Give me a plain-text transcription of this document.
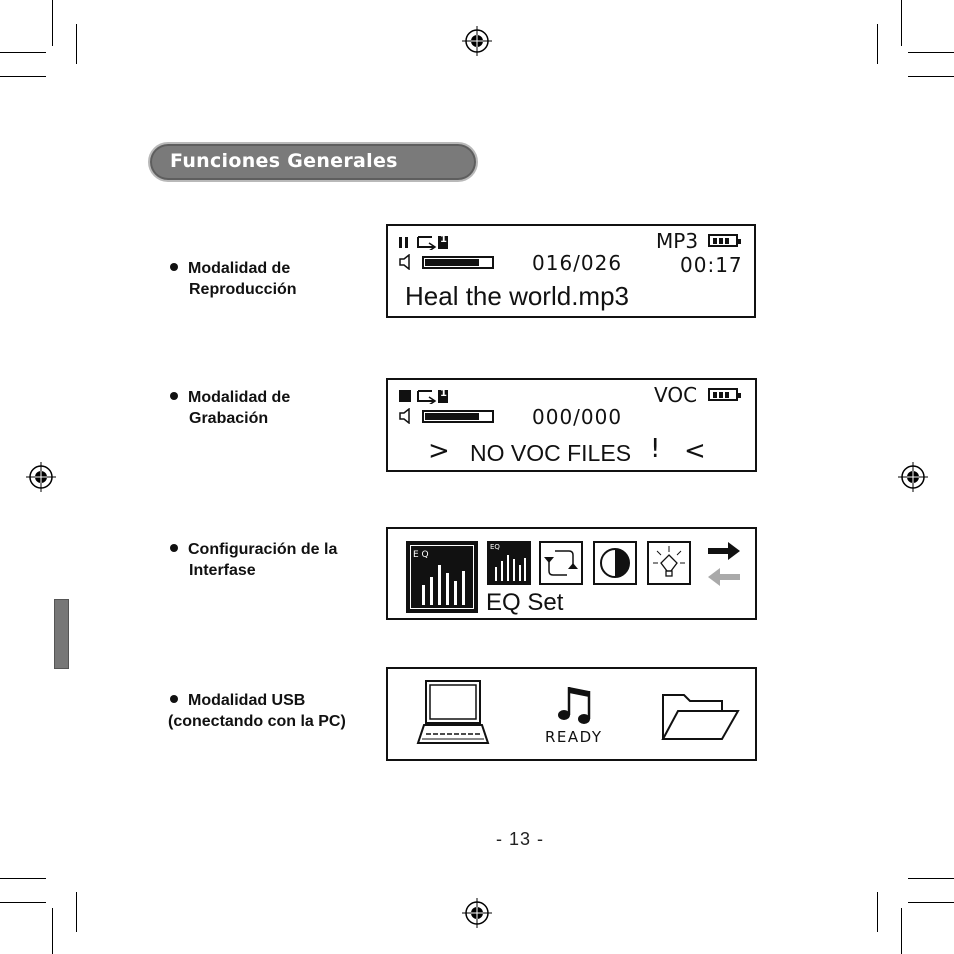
Funciones Generales
Modalidad de
Reproducción
Modalidad de
Grabación
Configuración de la
Interfase
Modalidad USB
(conectando con la PC)
1	MP3
016/026	00:17
Heal the world.mp3
1	VOC
000/000
> NO VOC FILES ! <
E Q
EQ
EQ Set
READY
- 13 -
